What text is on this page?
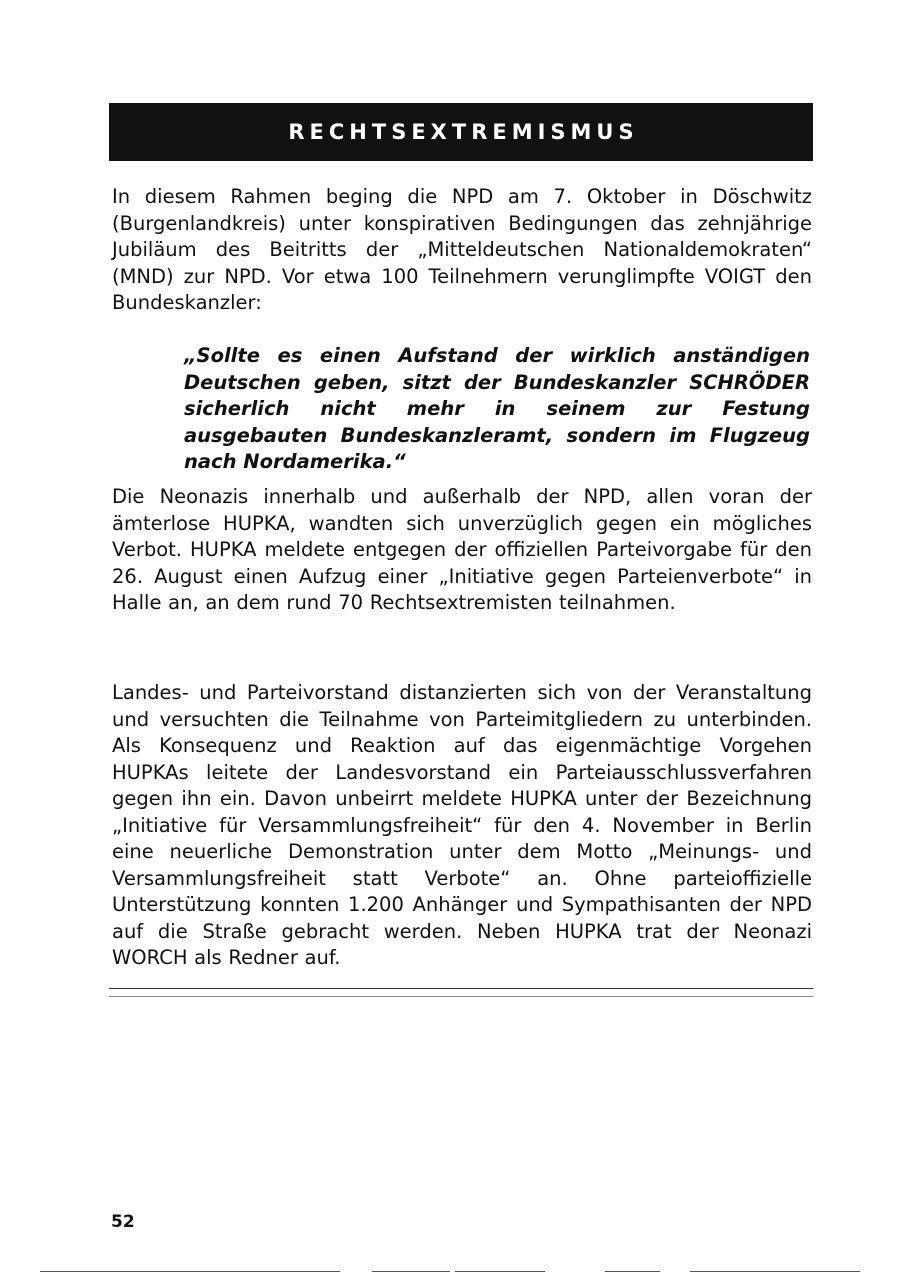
RECHTSEXTREMISMUS

In diesem Rahmen beging die NPD am 7. Oktober in Döschwitz (Burgenlandkreis) unter konspirativen Bedingungen das zehnjährige Jubiläum des Beitritts der „Mitteldeutschen Nationaldemokraten“ (MND) zur NPD. Vor etwa 100 Teilnehmern verunglimpfte VOIGT den Bundeskanzler:

„Sollte es einen Aufstand der wirklich anständigen Deutschen geben, sitzt der Bundeskanzler SCHRÖDER sicherlich nicht mehr in seinem zur Festung ausgebauten Bundeskanzleramt, sondern im Flugzeug nach Nordamerika.“

Die Neonazis innerhalb und außerhalb der NPD, allen voran der ämterlose HUPKA, wandten sich unverzüglich gegen ein mögliches Verbot. HUPKA meldete entgegen der offiziellen Parteivorgabe für den 26. August einen Aufzug einer „Initiative gegen Parteienverbote“ in Halle an, an dem rund 70 Rechtsextremisten teilnahmen.

Landes- und Parteivorstand distanzierten sich von der Veranstaltung und versuchten die Teilnahme von Parteimitgliedern zu unterbinden. Als Konsequenz und Reaktion auf das eigenmächtige Vorgehen HUPKAs leitete der Landesvorstand ein Parteiausschlussverfahren gegen ihn ein. Davon unbeirrt meldete HUPKA unter der Bezeichnung „Initiative für Versammlungsfreiheit“ für den 4. November in Berlin eine neuerliche Demonstration unter dem Motto „Meinungs- und Versammlungsfreiheit statt Verbote“ an. Ohne parteioffizielle Unterstützung konnten 1.200 Anhänger und Sympathisanten der NPD auf die Straße gebracht werden. Neben HUPKA trat der Neonazi WORCH als Redner auf.

52
